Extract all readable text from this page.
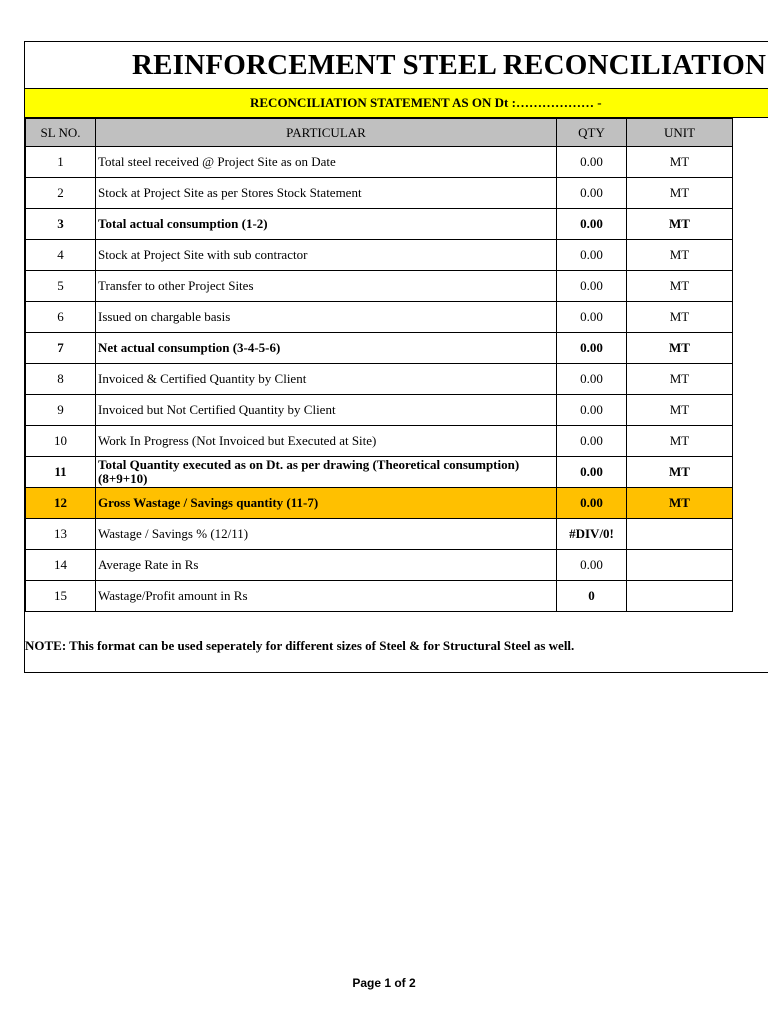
REINFORCEMENT STEEL RECONCILIATION
RECONCILIATION STATEMENT AS ON Dt :……………… -
SL NO.	PARTICULAR	QTY	UNIT
1	Total steel received @ Project Site as on Date	0.00	MT
2	Stock at Project Site as per Stores Stock Statement	0.00	MT
3	Total actual consumption (1-2)	0.00	MT
4	Stock at Project Site with sub contractor	0.00	MT
5	Transfer to other Project Sites	0.00	MT
6	Issued on chargable basis	0.00	MT
7	Net actual consumption (3-4-5-6)	0.00	MT
8	Invoiced & Certified Quantity by Client	0.00	MT
9	Invoiced but Not Certified Quantity by Client	0.00	MT
10	Work In Progress (Not Invoiced but Executed at Site)	0.00	MT
11	Total Quantity executed as on Dt. as per drawing (Theoretical consumption) (8+9+10)	0.00	MT
12	Gross Wastage / Savings quantity (11-7)	0.00	MT
13	Wastage / Savings % (12/11)	#DIV/0!	
14	Average Rate in Rs	0.00	
15	Wastage/Profit amount in Rs	0	
NOTE: This format can be used seperately for different sizes of Steel & for Structural Steel as well.
Page 1 of 2
